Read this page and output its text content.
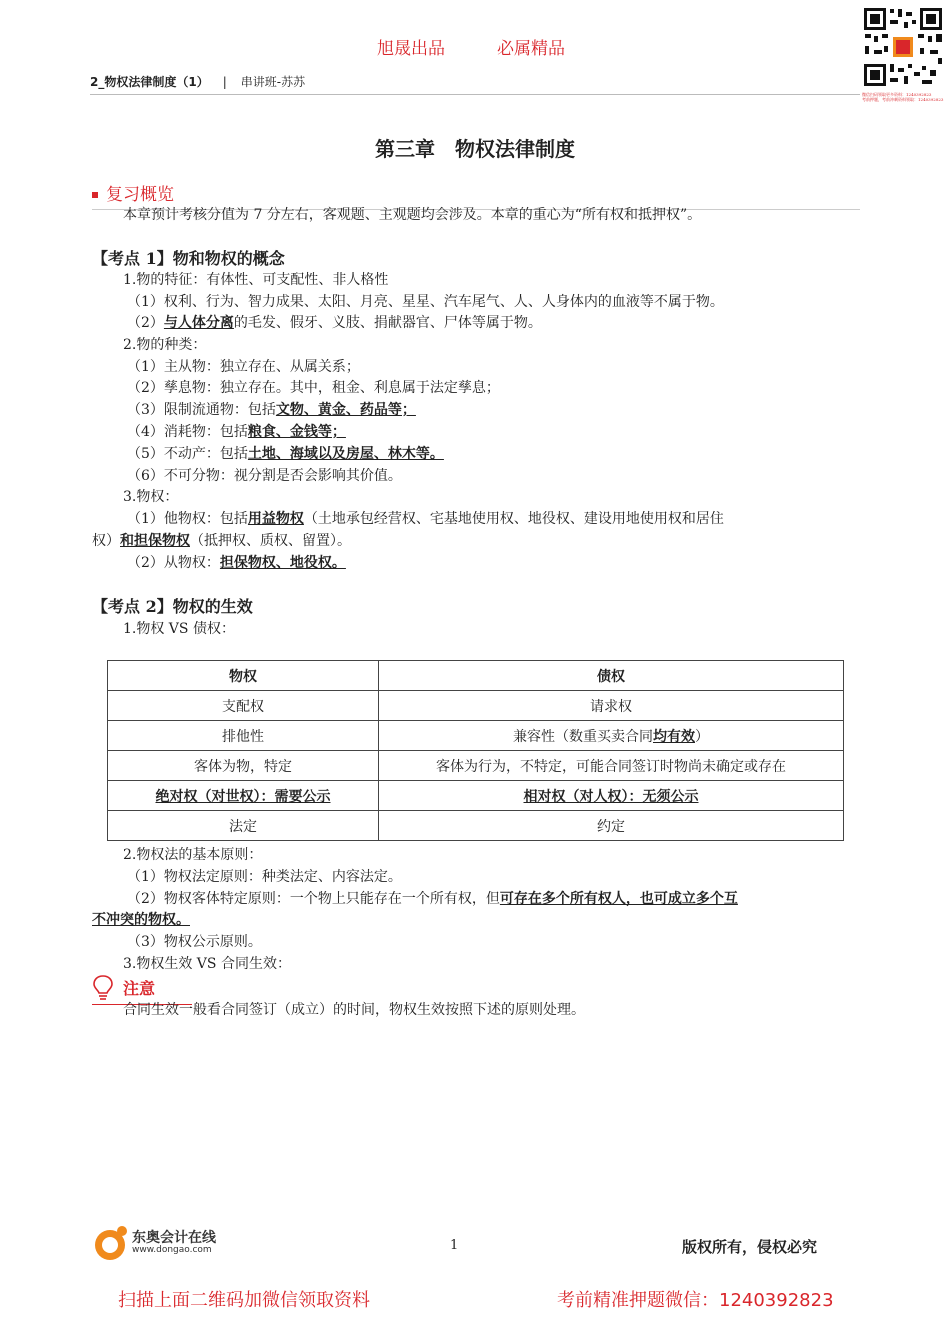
旭晟出品	必属精品
2_物权法律制度（1） | 串讲班-苏苏
微信扫码领取更多资料：1240392823
考前押题，考前冲刺资料领取：1240392823
第三章　物权法律制度
复习概览
本章预计考核分值为 7 分左右，客观题、主观题均会涉及。本章的重心为“所有权和抵押权”。
【考点 1】物和物权的概念
1.物的特征：有体性、可支配性、非人格性
（1）权利、行为、智力成果、太阳、月亮、星星、汽车尾气、人、人身体内的血液等不属于物。
（2）与人体分离的毛发、假牙、义肢、捐献器官、尸体等属于物。
2.物的种类：
（1）主从物：独立存在、从属关系；
（2）孳息物：独立存在。其中，租金、利息属于法定孳息；
（3）限制流通物：包括文物、黄金、药品等；
（4）消耗物：包括粮食、金钱等；
（5）不动产：包括土地、海域以及房屋、林木等。
（6）不可分物：视分割是否会影响其价值。
3.物权：
（1）他物权：包括用益物权（土地承包经营权、宅基地使用权、地役权、建设用地使用权和居住
权）和担保物权（抵押权、质权、留置）。
（2）从物权：担保物权、地役权。
【考点 2】物权的生效
1.物权 VS 债权：
物权	债权
支配权	请求权
排他性	兼容性（数重买卖合同均有效）
客体为物，特定	客体为行为，不特定，可能合同签订时物尚未确定或存在
绝对权（对世权）：需要公示	相对权（对人权）：无须公示
法定	约定
2.物权法的基本原则：
（1）物权法定原则：种类法定、内容法定。
（2）物权客体特定原则：一个物上只能存在一个所有权，但可存在多个所有权人，也可成立多个互
不冲突的物权。
（3）物权公示原则。
3.物权生效 VS 合同生效：
注意
合同生效一般看合同签订（成立）的时间，物权生效按照下述的原则处理。
东奥会计在线
www.dongao.com	1	版权所有，侵权必究
扫描上面二维码加微信领取资料	考前精准押题微信：1240392823
